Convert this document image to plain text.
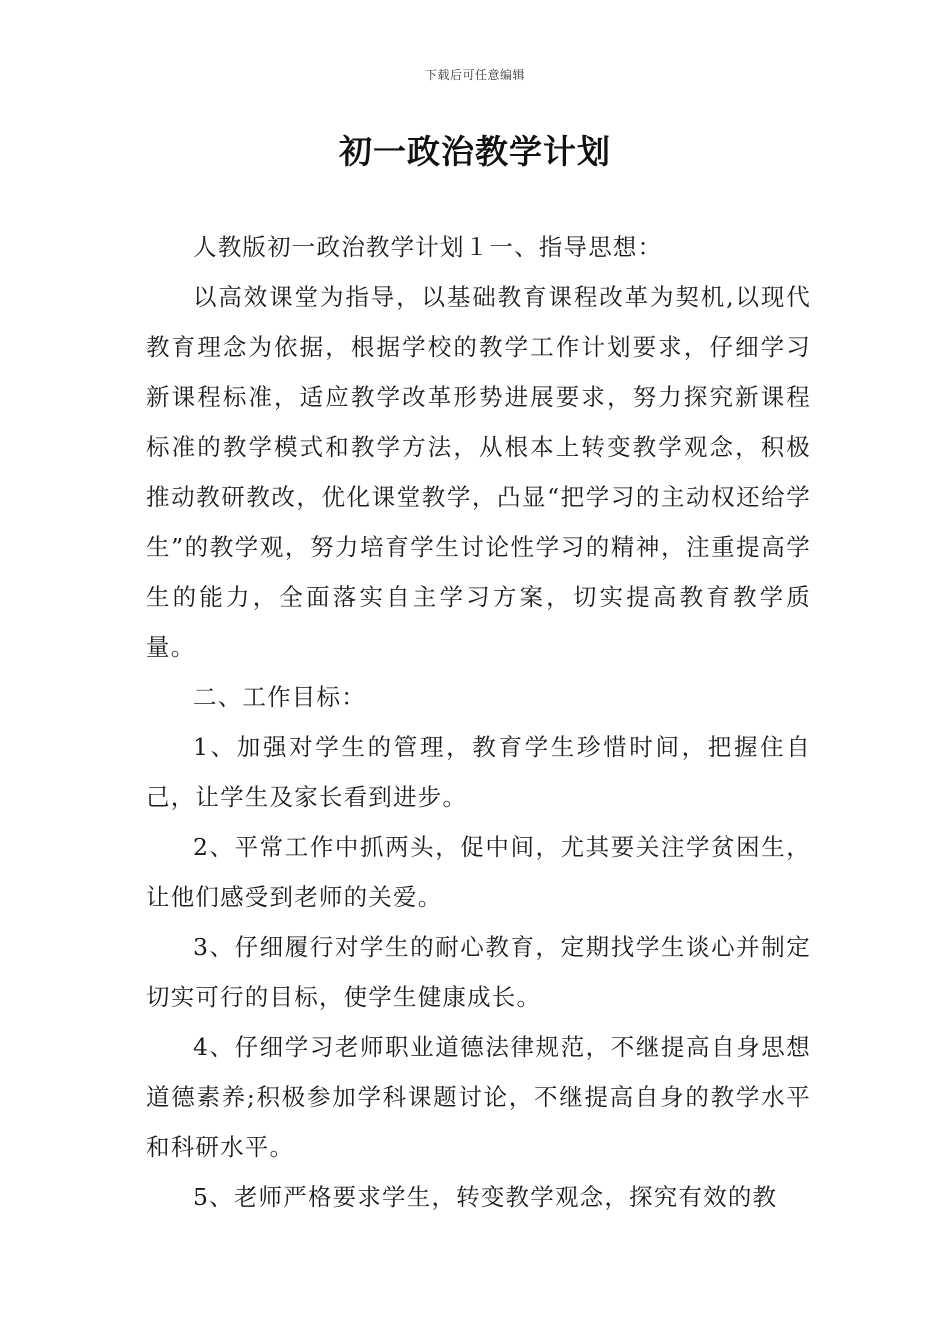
下载后可任意编辑
初一政治教学计划

人教版初一政治教学计划１一、指导思想：

以高效课堂为指导，以基础教育课程改革为契机,以现代教育理念为依据，根据学校的教学工作计划要求，仔细学习新课程标准，适应教学改革形势进展要求，努力探究新课程标准的教学模式和教学方法，从根本上转变教学观念，积极推动教研教改，优化课堂教学，凸显“把学习的主动权还给学生”的教学观，努力培育学生讨论性学习的精神，注重提高学生的能力，全面落实自主学习方案，切实提高教育教学质量。

二、工作目标：

1、加强对学生的管理，教育学生珍惜时间，把握住自己，让学生及家长看到进步。

2、平常工作中抓两头，促中间，尤其要关注学贫困生，让他们感受到老师的关爱。

3、仔细履行对学生的耐心教育，定期找学生谈心并制定切实可行的目标，使学生健康成长。

4、仔细学习老师职业道德法律规范，不继提高自身思想道德素养;积极参加学科课题讨论，不继提高自身的教学水平和科研水平。

5、老师严格要求学生，转变教学观念，探究有效的教
